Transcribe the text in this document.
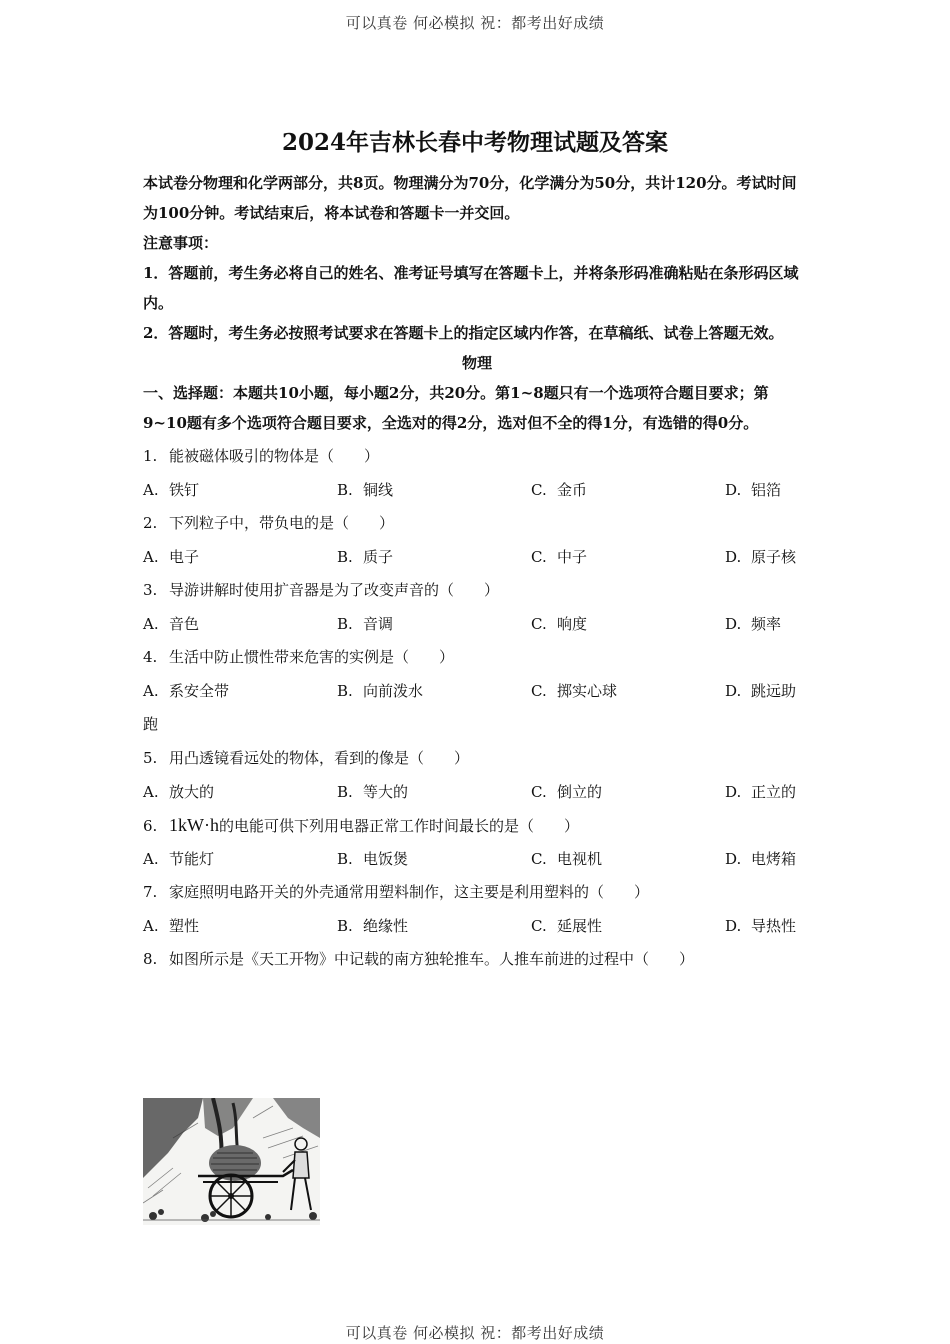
可以真卷 何必模拟 祝：都考出好成绩
2024年吉林长春中考物理试题及答案

本试卷分物理和化学两部分，共8页。物理满分为70分，化学满分为50分，共计120分。考试时间为100分钟。考试结束后，将本试卷和答题卡一并交回。

注意事项：

1．答题前，考生务必将自己的姓名、准考证号填写在答题卡上，并将条形码准确粘贴在条形码区域内。

2．答题时，考生务必按照考试要求在答题卡上的指定区域内作答，在草稿纸、试卷上答题无效。

物理

一、选择题：本题共10小题，每小题2分，共20分。第1~8题只有一个选项符合题目要求；第9~10题有多个选项符合题目要求，全选对的得2分，选对但不全的得1分，有选错的得0分。

1. 能被磁体吸引的物体是（　　）
A. 铁钉	B. 铜线	C. 金币	D. 铝箔
2. 下列粒子中，带负电的是（　　）
A. 电子	B. 质子	C. 中子	D. 原子核
3. 导游讲解时使用扩音器是为了改变声音的（　　）
A. 音色	B. 音调	C. 响度	D. 频率
4. 生活中防止惯性带来危害的实例是（　　）
A. 系安全带	B. 向前泼水	C. 掷实心球	D. 跳远助
跑
5. 用凸透镜看远处的物体，看到的像是（　　）
A. 放大的	B. 等大的	C. 倒立的	D. 正立的
6. 1kW·h的电能可供下列用电器正常工作时间最长的是（　　）
A. 节能灯	B. 电饭煲	C. 电视机	D. 电烤箱
7. 家庭照明电路开关的外壳通常用塑料制作，这主要是利用塑料的（　　）
A. 塑性	B. 绝缘性	C. 延展性	D. 导热性
8. 如图所示是《天工开物》中记载的南方独轮推车。人推车前进的过程中（　　）
可以真卷 何必模拟 祝：都考出好成绩
